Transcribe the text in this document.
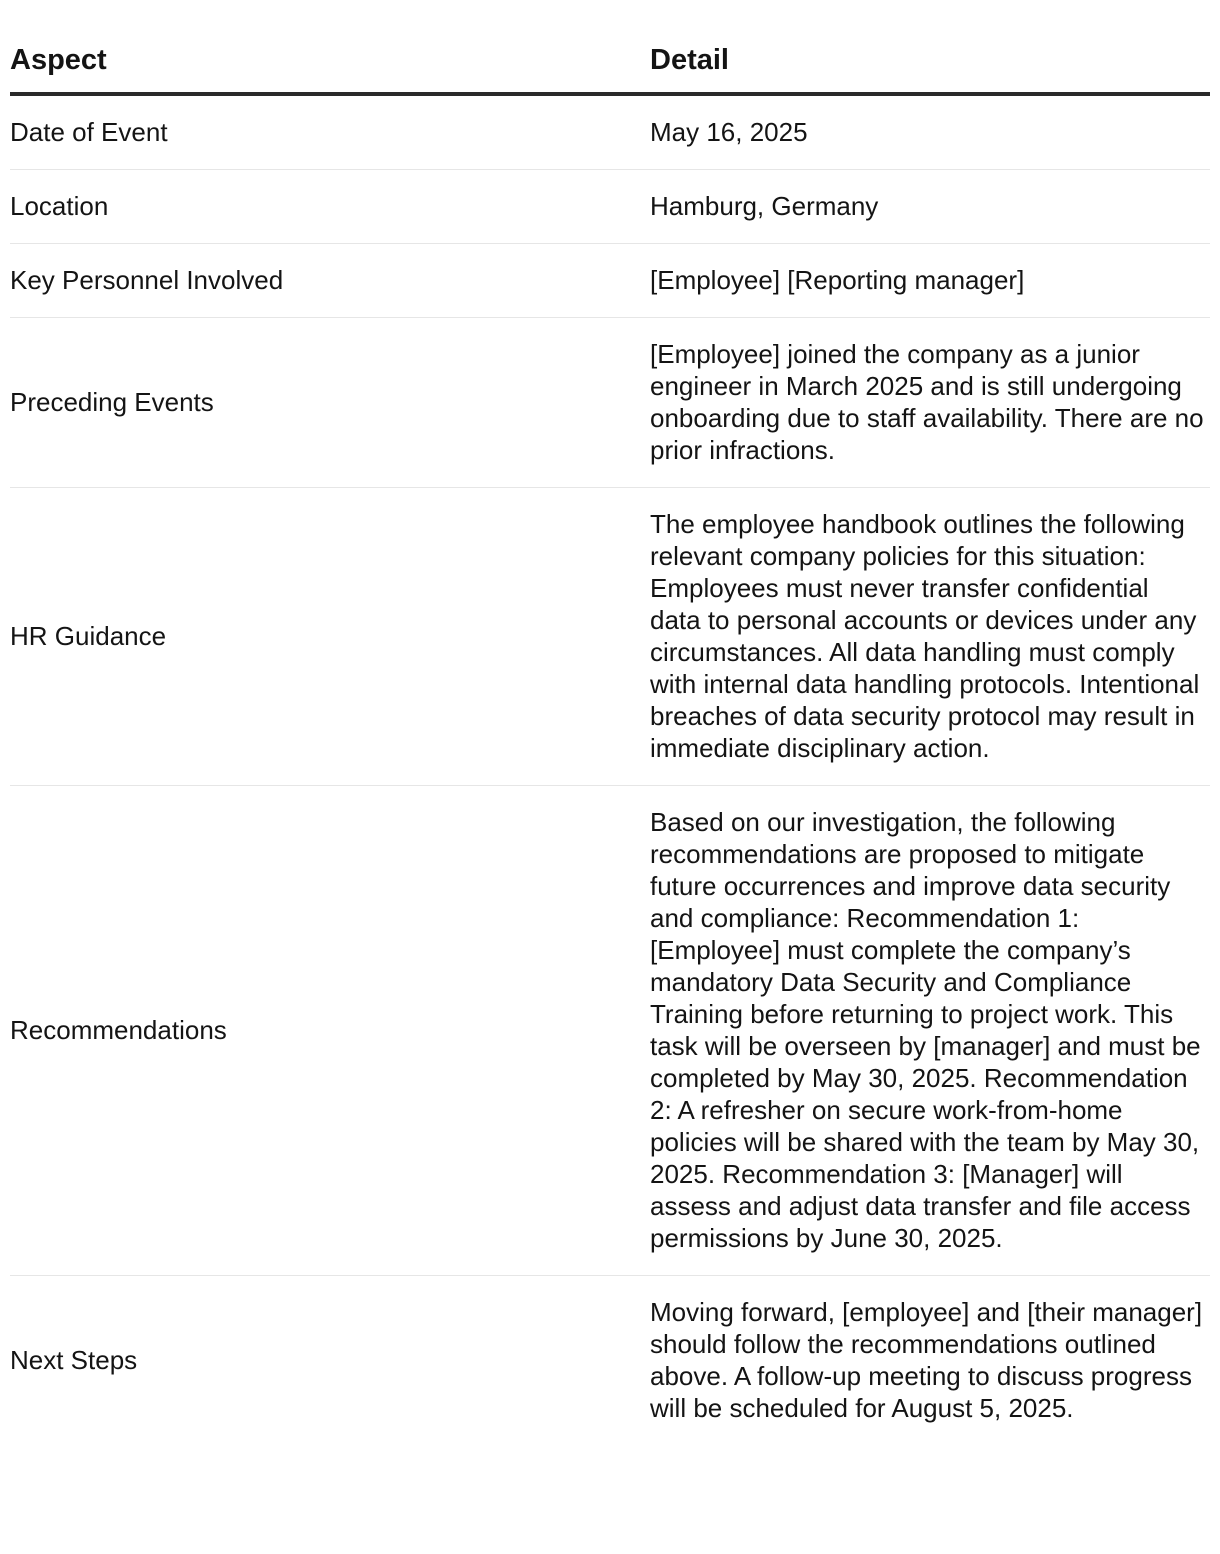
Aspect	Detail
Date of Event	May 16, 2025
Location	Hamburg, Germany
Key Personnel Involved	[Employee] [Reporting manager]
Preceding Events	[Employee] joined the company as a junior engineer in March 2025 and is still undergoing onboarding due to staff availability. There are no prior infractions.
HR Guidance	The employee handbook outlines the following relevant company policies for this situation: Employees must never transfer confidential data to personal accounts or devices under any circumstances. All data handling must comply with internal data handling protocols. Intentional breaches of data security protocol may result in immediate disciplinary action.
Recommendations	Based on our investigation, the following recommendations are proposed to mitigate future occurrences and improve data security and compliance: Recommendation 1: [Employee] must complete the company’s mandatory Data Security and Compliance Training before returning to project work. This task will be overseen by [manager] and must be completed by May 30, 2025. Recommendation 2: A refresher on secure work-from-home policies will be shared with the team by May 30, 2025. Recommendation 3: [Manager] will assess and adjust data transfer and file access permissions by June 30, 2025.
Next Steps	Moving forward, [employee] and [their manager] should follow the recommendations outlined above. A follow-up meeting to discuss progress will be scheduled for August 5, 2025.
